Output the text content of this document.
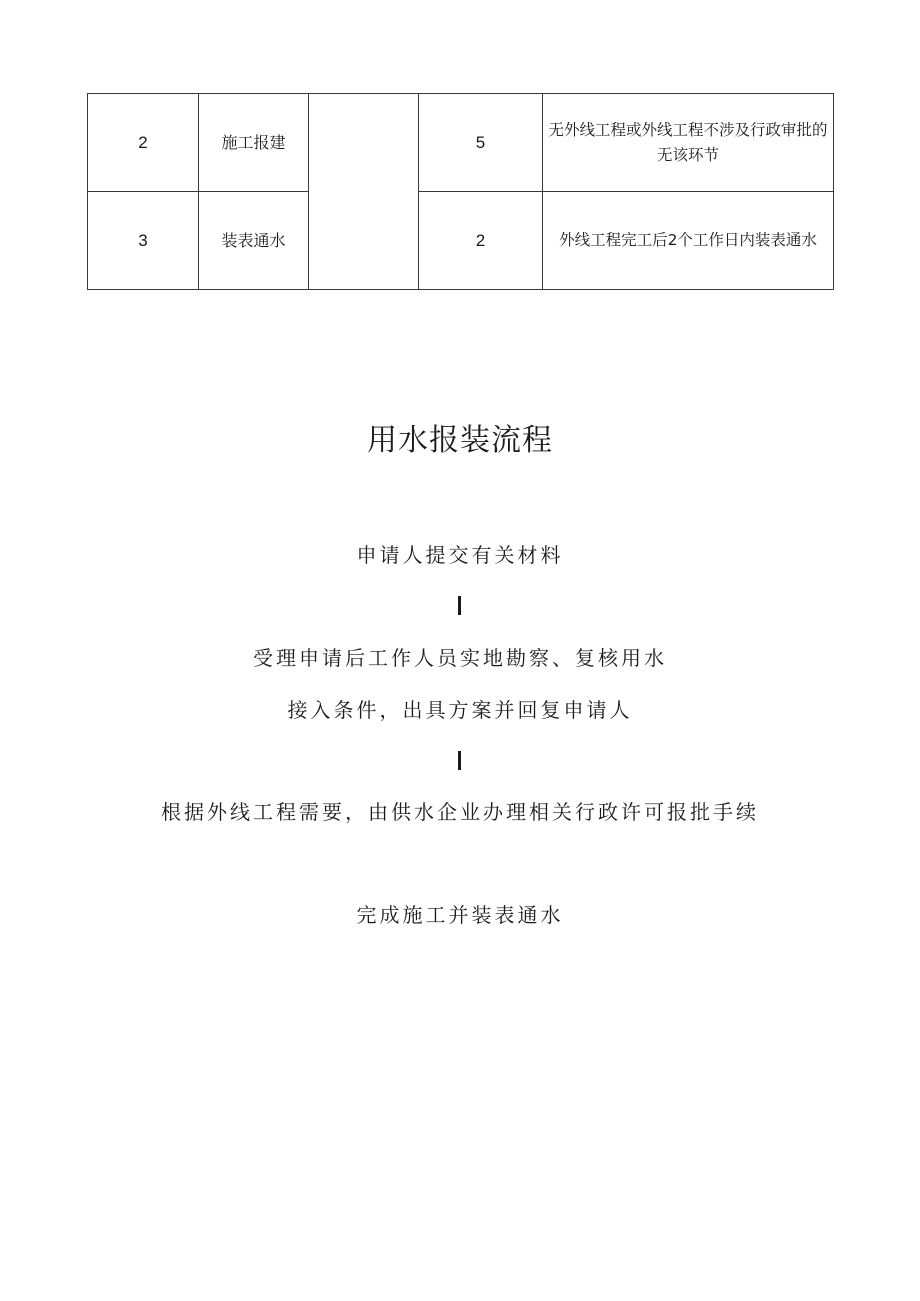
2	施工报建		5	无外线工程或外线工程不涉及行政审批的无该环节
3	装表通水		2	外线工程完工后2个工作日内装表通水
用水报装流程
申请人提交有关材料
受理申请后工作人员实地勘察、复核用水
接入条件，出具方案并回复申请人
根据外线工程需要，由供水企业办理相关行政许可报批手续
完成施工并装表通水
